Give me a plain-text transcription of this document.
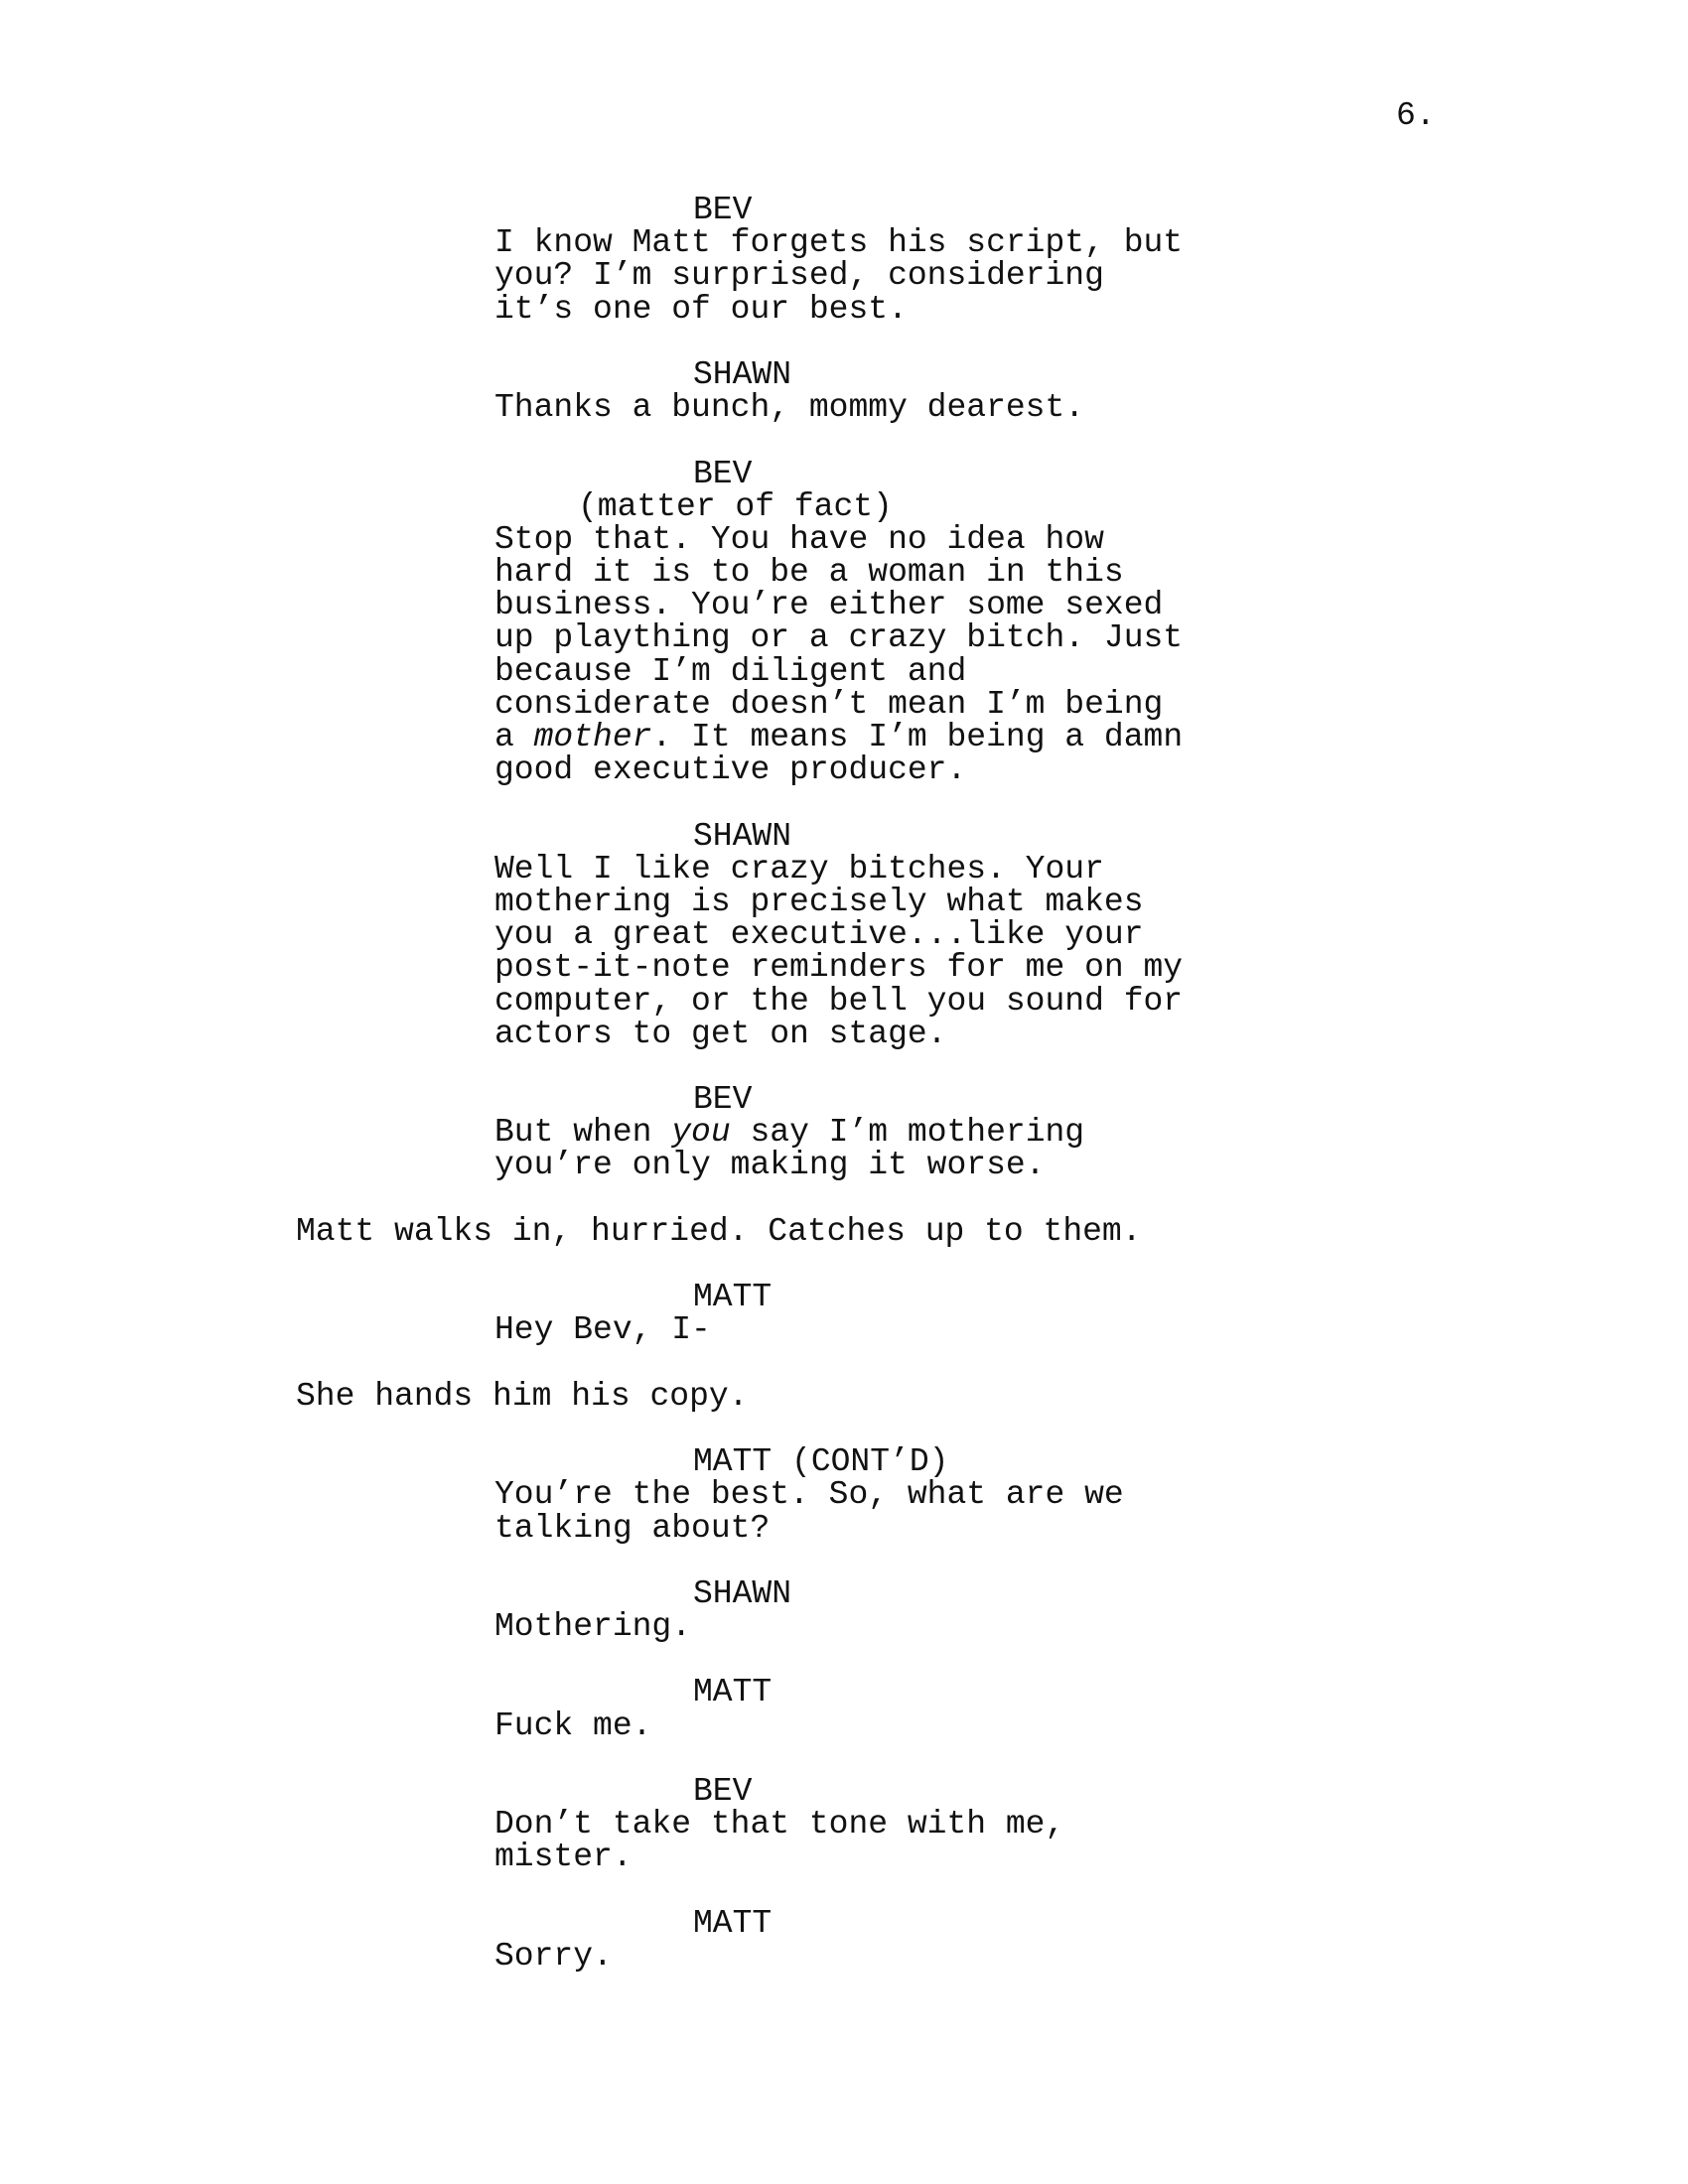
6.
BEV
I know Matt forgets his script, but
you? I’m surprised, considering
it’s one of our best.
SHAWN
Thanks a bunch, mommy dearest.
BEV
(matter of fact)
Stop that. You have no idea how
hard it is to be a woman in this
business. You’re either some sexed
up plaything or a crazy bitch. Just
because I’m diligent and
considerate doesn’t mean I’m being
a mother. It means I’m being a damn
good executive producer.
SHAWN
Well I like crazy bitches. Your
mothering is precisely what makes
you a great executive...like your
post-it-note reminders for me on my
computer, or the bell you sound for
actors to get on stage.
BEV
But when you say I’m mothering
you’re only making it worse.
Matt walks in, hurried. Catches up to them.
MATT
Hey Bev, I-
She hands him his copy.
MATT (CONT’D)
You’re the best. So, what are we
talking about?
SHAWN
Mothering.
MATT
Fuck me.
BEV
Don’t take that tone with me,
mister.
MATT
Sorry.
